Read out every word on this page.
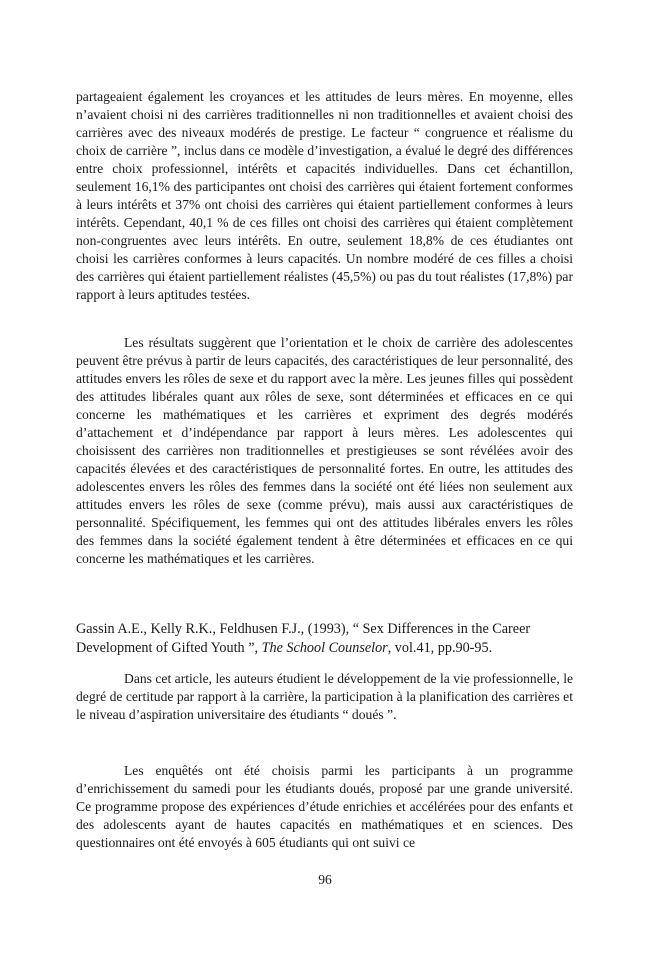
partageaient également les croyances et les attitudes de leurs mères. En moyenne, elles n’avaient choisi ni des carrières traditionnelles ni non traditionnelles et avaient choisi des carrières avec des niveaux modérés de prestige. Le facteur “ congruence et réalisme du choix de carrière ”, inclus dans ce modèle d’investigation, a évalué le degré des différences entre choix professionnel, intérêts et capacités individuelles. Dans cet échantillon, seulement 16,1% des participantes ont choisi des carrières qui étaient fortement conformes à leurs intérêts et 37% ont choisi des carrières qui étaient partiellement conformes à leurs intérêts. Cependant, 40,1 % de ces filles ont choisi des carrières qui étaient complètement non-congruentes avec leurs intérêts. En outre, seulement 18,8% de ces étudiantes ont choisi les carrières conformes à leurs capacités. Un nombre modéré de ces filles a choisi des carrières qui étaient partiellement réalistes (45,5%) ou pas du tout réalistes (17,8%) par rapport à leurs aptitudes testées.

Les résultats suggèrent que l’orientation et le choix de carrière des adolescentes peuvent être prévus à partir de leurs capacités, des caractéristiques de leur personnalité, des attitudes envers les rôles de sexe et du rapport avec la mère. Les jeunes filles qui possèdent des attitudes libérales quant aux rôles de sexe, sont déterminées et efficaces en ce qui concerne les mathématiques et les carrières et expriment des degrés modérés d’attachement et d’indépendance par rapport à leurs mères. Les adolescentes qui choisissent des carrières non traditionnelles et prestigieuses se sont révélées avoir des capacités élevées et des caractéristiques de personnalité fortes. En outre, les attitudes des adolescentes envers les rôles des femmes dans la société ont été liées non seulement aux attitudes envers les rôles de sexe (comme prévu), mais aussi aux caractéristiques de personnalité. Spécifiquement, les femmes qui ont des attitudes libérales envers les rôles des femmes dans la société également tendent à être déterminées et efficaces en ce qui concerne les mathématiques et les carrières.

Gassin A.E., Kelly R.K., Feldhusen F.J., (1993), “ Sex Differences in the Career Development of Gifted Youth ”, The School Counselor, vol.41, pp.90-95.

Dans cet article, les auteurs étudient le développement de la vie professionnelle, le degré de certitude par rapport à la carrière, la participation à la planification des carrières et le niveau d’aspiration universitaire des étudiants “ doués ”.

Les enquêtés ont été choisis parmi les participants à un programme d’enrichissement du samedi pour les étudiants doués, proposé par une grande université. Ce programme propose des expériences d’étude enrichies et accélérées pour des enfants et des adolescents ayant de hautes capacités en mathématiques et en sciences. Des questionnaires ont été envoyés à 605 étudiants qui ont suivi ce

96
